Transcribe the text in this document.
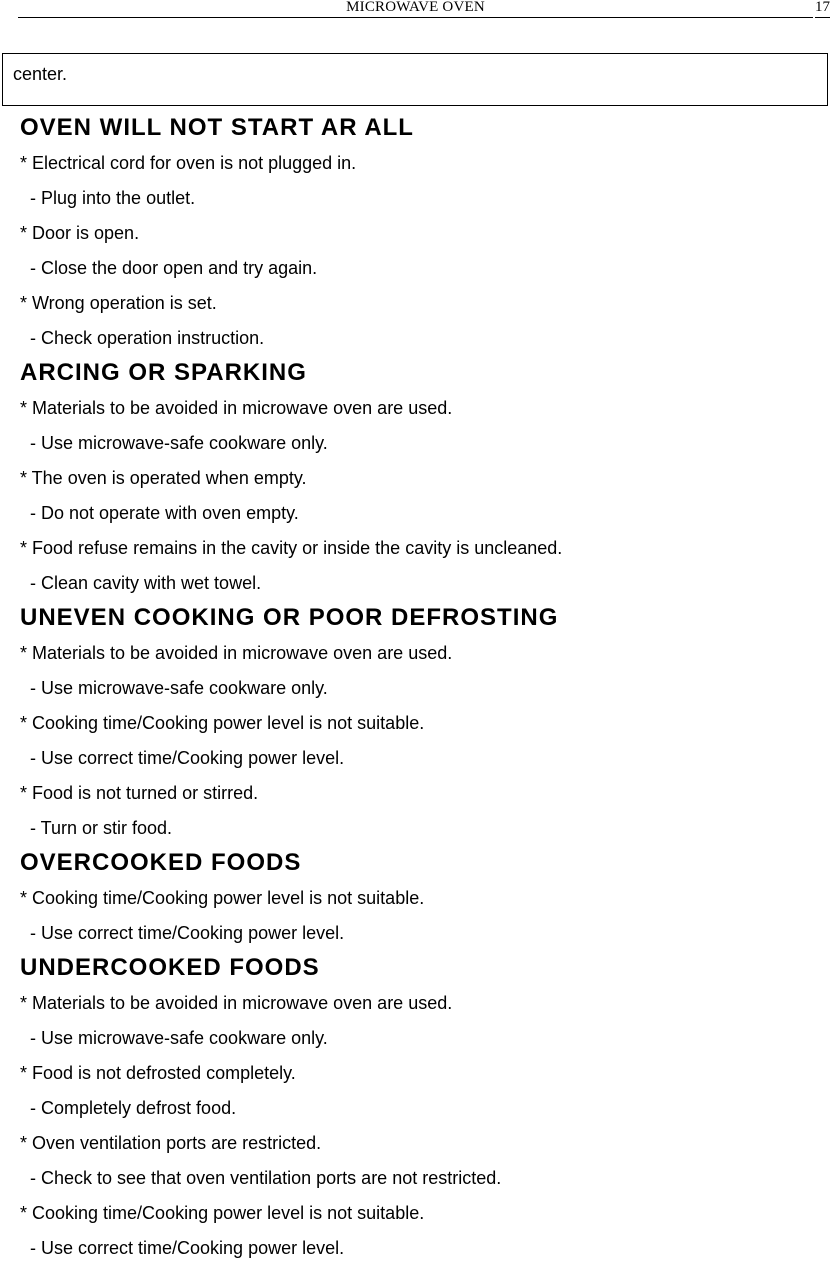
MICROWAVE OVEN	17
center.
OVEN WILL NOT START AR ALL
* Electrical cord for oven is not plugged in.
- Plug into the outlet.
* Door is open.
- Close the door open and try again.
* Wrong operation is set.
- Check operation instruction.
ARCING OR SPARKING
* Materials to be avoided in microwave oven are used.
- Use microwave-safe cookware only.
* The oven is operated when empty.
- Do not operate with oven empty.
* Food refuse remains in the cavity or inside the cavity is uncleaned.
- Clean cavity with wet towel.
UNEVEN COOKING OR POOR DEFROSTING
* Materials to be avoided in microwave oven are used.
- Use microwave-safe cookware only.
* Cooking time/Cooking power level is not suitable.
- Use correct time/Cooking power level.
* Food is not turned or stirred.
- Turn or stir food.
OVERCOOKED FOODS
* Cooking time/Cooking power level is not suitable.
- Use correct time/Cooking power level.
UNDERCOOKED FOODS
* Materials to be avoided in microwave oven are used.
- Use microwave-safe cookware only.
* Food is not defrosted completely.
- Completely defrost food.
* Oven ventilation ports are restricted.
- Check to see that oven ventilation ports are not restricted.
* Cooking time/Cooking power level is not suitable.
- Use correct time/Cooking power level.
